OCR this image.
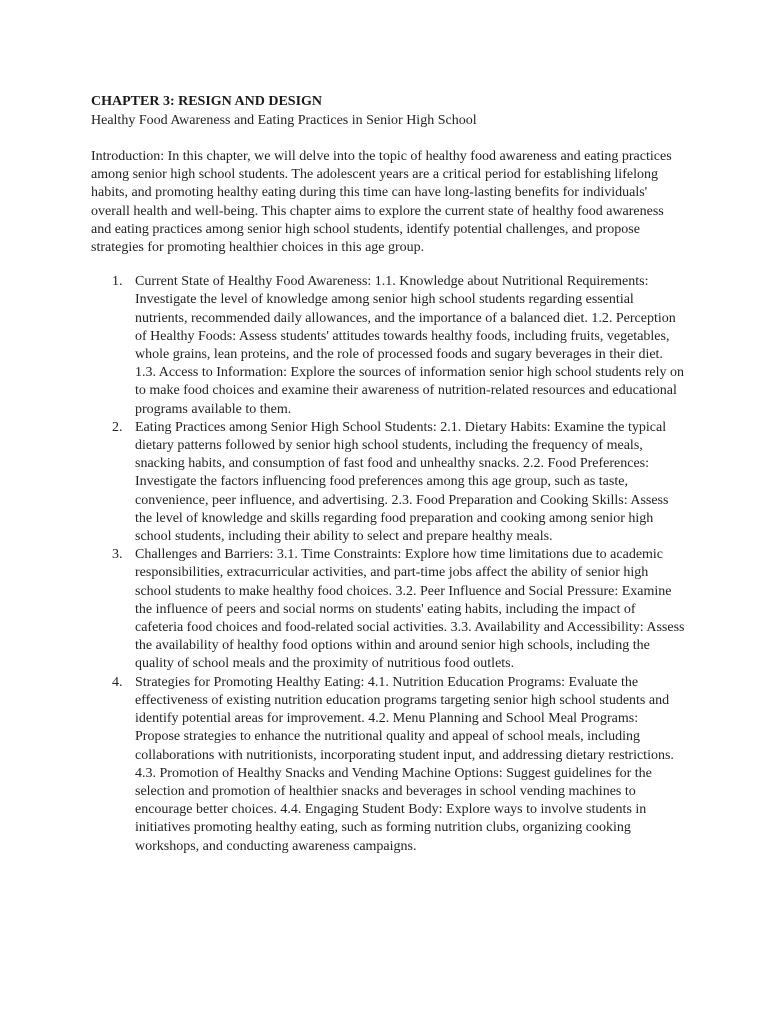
CHAPTER 3: RESIGN AND DESIGN

Healthy Food Awareness and Eating Practices in Senior High School

Introduction: In this chapter, we will delve into the topic of healthy food awareness and eating practices among senior high school students. The adolescent years are a critical period for establishing lifelong habits, and promoting healthy eating during this time can have long-lasting benefits for individuals' overall health and well-being. This chapter aims to explore the current state of healthy food awareness and eating practices among senior high school students, identify potential challenges, and propose strategies for promoting healthier choices in this age group.

1. Current State of Healthy Food Awareness: 1.1. Knowledge about Nutritional Requirements: Investigate the level of knowledge among senior high school students regarding essential nutrients, recommended daily allowances, and the importance of a balanced diet. 1.2. Perception of Healthy Foods: Assess students' attitudes towards healthy foods, including fruits, vegetables, whole grains, lean proteins, and the role of processed foods and sugary beverages in their diet. 1.3. Access to Information: Explore the sources of information senior high school students rely on to make food choices and examine their awareness of nutrition-related resources and educational programs available to them.
2. Eating Practices among Senior High School Students: 2.1. Dietary Habits: Examine the typical dietary patterns followed by senior high school students, including the frequency of meals, snacking habits, and consumption of fast food and unhealthy snacks. 2.2. Food Preferences: Investigate the factors influencing food preferences among this age group, such as taste, convenience, peer influence, and advertising. 2.3. Food Preparation and Cooking Skills: Assess the level of knowledge and skills regarding food preparation and cooking among senior high school students, including their ability to select and prepare healthy meals.
3. Challenges and Barriers: 3.1. Time Constraints: Explore how time limitations due to academic responsibilities, extracurricular activities, and part-time jobs affect the ability of senior high school students to make healthy food choices. 3.2. Peer Influence and Social Pressure: Examine the influence of peers and social norms on students' eating habits, including the impact of cafeteria food choices and food-related social activities. 3.3. Availability and Accessibility: Assess the availability of healthy food options within and around senior high schools, including the quality of school meals and the proximity of nutritious food outlets.
4. Strategies for Promoting Healthy Eating: 4.1. Nutrition Education Programs: Evaluate the effectiveness of existing nutrition education programs targeting senior high school students and identify potential areas for improvement. 4.2. Menu Planning and School Meal Programs: Propose strategies to enhance the nutritional quality and appeal of school meals, including collaborations with nutritionists, incorporating student input, and addressing dietary restrictions. 4.3. Promotion of Healthy Snacks and Vending Machine Options: Suggest guidelines for the selection and promotion of healthier snacks and beverages in school vending machines to encourage better choices. 4.4. Engaging Student Body: Explore ways to involve students in initiatives promoting healthy eating, such as forming nutrition clubs, organizing cooking workshops, and conducting awareness campaigns.
